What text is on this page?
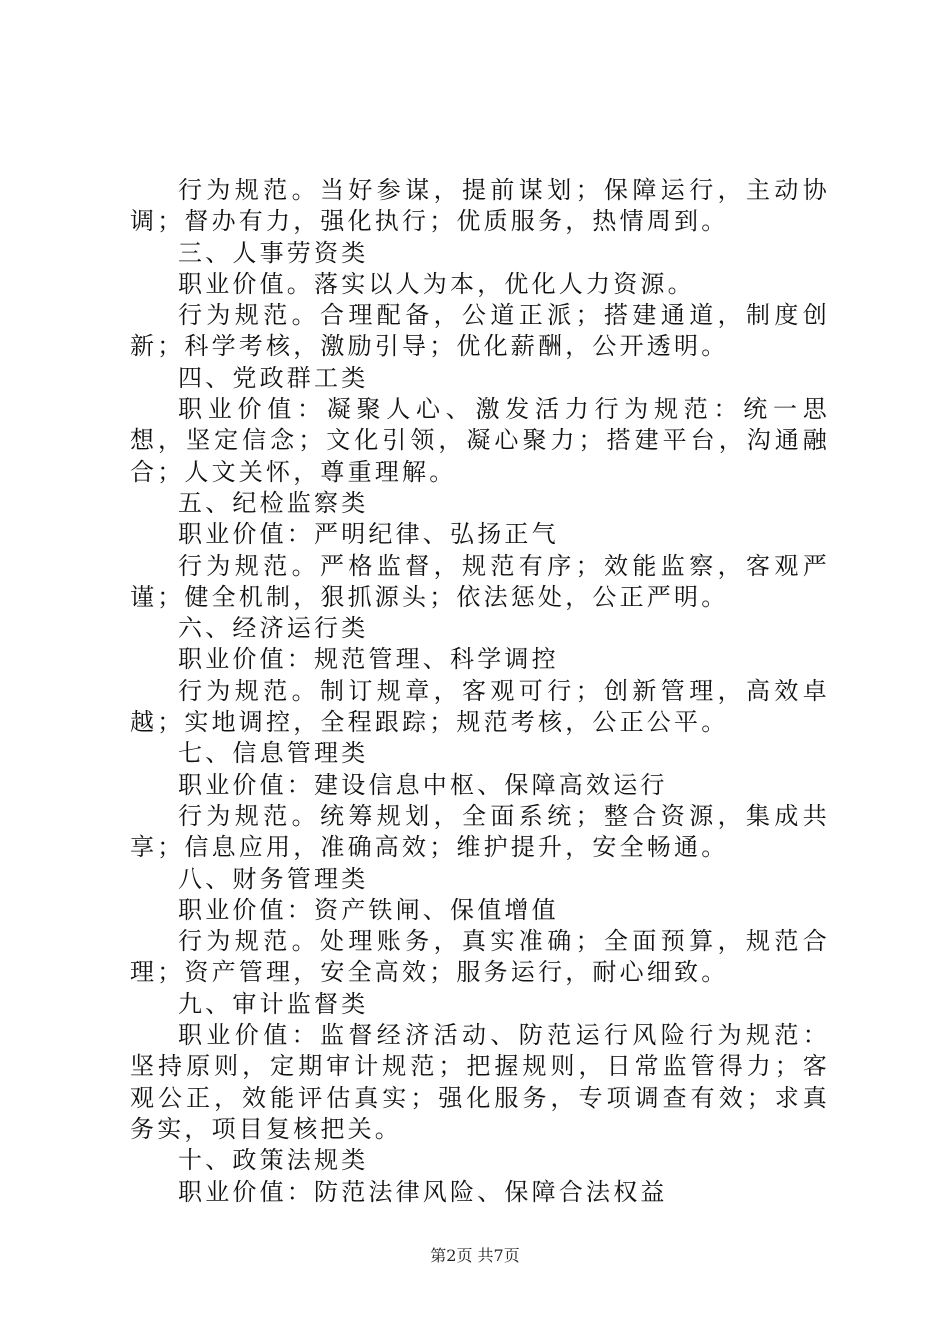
行为规范。当好参谋，提前谋划；保障运行，主动协调；督办有力，强化执行；优质服务，热情周到。

三、人事劳资类

职业价值。落实以人为本，优化人力资源。

行为规范。合理配备，公道正派；搭建通道，制度创新；科学考核，激励引导；优化薪酬，公开透明。

四、党政群工类

职业价值：凝聚人心、激发活力行为规范：统一思想，坚定信念；文化引领，凝心聚力；搭建平台，沟通融合；人文关怀，尊重理解。

五、纪检监察类

职业价值：严明纪律、弘扬正气

行为规范。严格监督，规范有序；效能监察，客观严谨；健全机制，狠抓源头；依法惩处，公正严明。

六、经济运行类

职业价值：规范管理、科学调控

行为规范。制订规章，客观可行；创新管理，高效卓越；实地调控，全程跟踪；规范考核，公正公平。

七、信息管理类

职业价值：建设信息中枢、保障高效运行

行为规范。统筹规划，全面系统；整合资源，集成共享；信息应用，准确高效；维护提升，安全畅通。

八、财务管理类

职业价值：资产铁闸、保值增值

行为规范。处理账务，真实准确；全面预算，规范合理；资产管理，安全高效；服务运行，耐心细致。

九、审计监督类

职业价值：监督经济活动、防范运行风险行为规范：坚持原则，定期审计规范；把握规则，日常监管得力；客观公正，效能评估真实；强化服务，专项调查有效；求真务实，项目复核把关。

十、政策法规类

职业价值：防范法律风险、保障合法权益

第2页 共7页
